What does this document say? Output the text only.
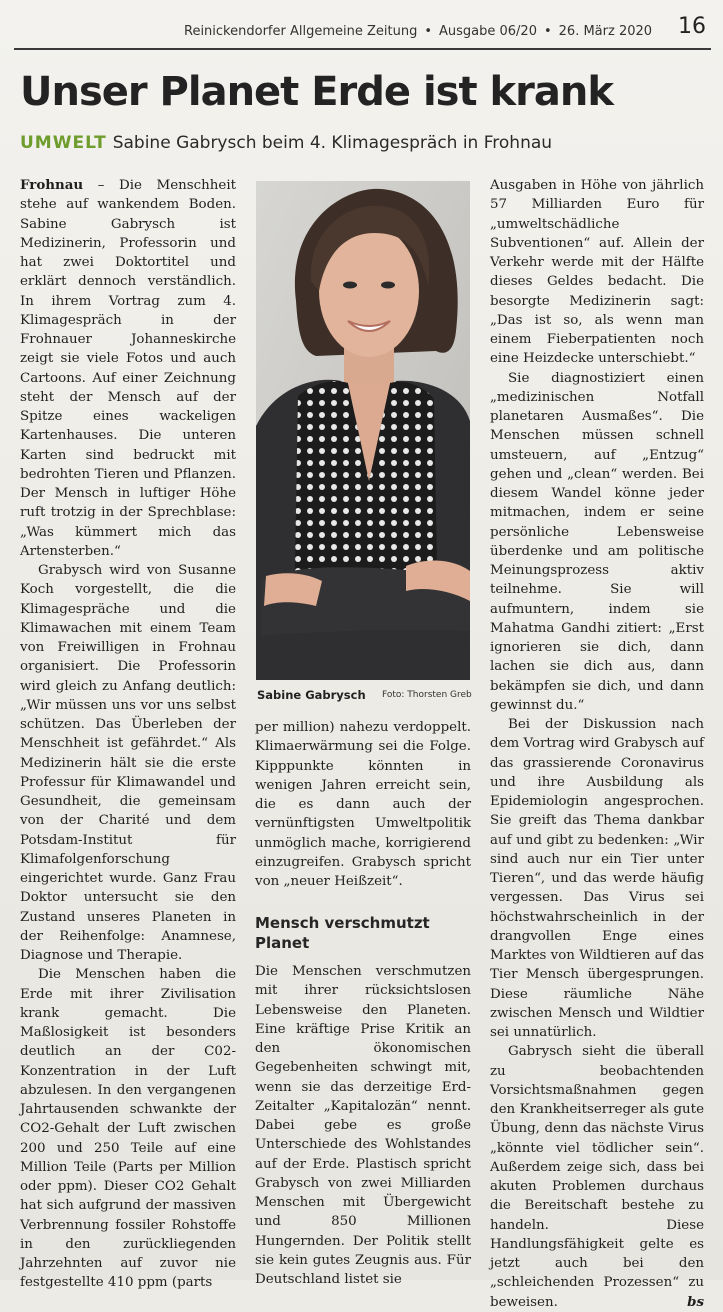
Reinickendorfer Allgemeine Zeitung • Ausgabe 06/20 • 26. März 2020 16
Unser Planet Erde ist krank
UMWELT Sabine Gabrysch beim 4. Klimagespräch in Frohnau

Frohnau – Die Menschheit stehe auf wankendem Boden. Sabine Gabrysch ist Medizinerin, Professorin und hat zwei Doktortitel und erklärt dennoch verständlich. In ihrem Vortrag zum 4. Klimagespräch in der Frohnauer Johanneskirche zeigt sie viele Fotos und auch Cartoons. Auf einer Zeichnung steht der Mensch auf der Spitze eines wackeligen Kartenhauses. Die unteren Karten sind bedruckt mit bedrohten Tieren und Pflanzen. Der Mensch in luftiger Höhe ruft trotzig in der Sprechblase: „Was kümmert mich das Artensterben.“

Grabysch wird von Susanne Koch vorgestellt, die die Klimagespräche und die Klimawachen mit einem Team von Freiwilligen in Frohnau organisiert. Die Professorin wird gleich zu Anfang deutlich: „Wir müssen uns vor uns selbst schützen. Das Überleben der Menschheit ist gefährdet.“ Als Medizinerin hält sie die erste Professur für Klimawandel und Gesundheit, die gemeinsam von der Charité und dem Potsdam-Institut für Klimafolgenforschung eingerichtet wurde. Ganz Frau Doktor untersucht sie den Zustand unseres Planeten in der Reihenfolge: Anamnese, Diagnose und Therapie.

Die Menschen haben die Erde mit ihrer Zivilisation krank gemacht. Die Maßlosigkeit ist besonders deutlich an der C02-Konzentration in der Luft abzulesen. In den vergangenen Jahrtausenden schwankte der CO2-Gehalt der Luft zwischen 200 und 250 Teile auf eine Million Teile (Parts per Million oder ppm). Dieser CO2 Gehalt hat sich aufgrund der massiven Verbrennung fossiler Rohstoffe in den zurückliegenden Jahrzehnten auf zuvor nie festgestellte 410 ppm (parts

Sabine Gabrysch Foto: Thorsten Greb

per million) nahezu verdoppelt. Klimaerwärmung sei die Folge. Kipppunkte könnten in wenigen Jahren erreicht sein, die es dann auch der vernünftigsten Umweltpolitik unmöglich mache, korrigierend einzugreifen. Grabysch spricht von „neuer Heißzeit“.

Mensch verschmutzt Planet

Die Menschen verschmutzen mit ihrer rücksichtslosen Lebensweise den Planeten. Eine kräftige Prise Kritik an den ökonomischen Gegebenheiten schwingt mit, wenn sie das derzeitige Erd-Zeitalter „Kapitalozän“ nennt. Dabei gebe es große Unterschiede des Wohlstandes auf der Erde. Plastisch spricht Grabysch von zwei Milliarden Menschen mit Übergewicht und 850 Millionen Hungernden. Der Politik stellt sie kein gutes Zeugnis aus. Für Deutschland listet sie

Ausgaben in Höhe von jährlich 57 Milliarden Euro für „umweltschädliche Subventionen“ auf. Allein der Verkehr werde mit der Hälfte dieses Geldes bedacht. Die besorgte Medizinerin sagt: „Das ist so, als wenn man einem Fieberpatienten noch eine Heizdecke unterschiebt.“

Sie diagnostiziert einen „medizinischen Notfall planetaren Ausmaßes“. Die Menschen müssen schnell umsteuern, auf „Entzug“ gehen und „clean“ werden. Bei diesem Wandel könne jeder mitmachen, indem er seine persönliche Lebensweise überdenke und am politische Meinungsprozess aktiv teilnehme. Sie will aufmuntern, indem sie Mahatma Gandhi zitiert: „Erst ignorieren sie dich, dann lachen sie dich aus, dann bekämpfen sie dich, und dann gewinnst du.“

Bei der Diskussion nach dem Vortrag wird Grabysch auf das grassierende Coronavirus und ihre Ausbildung als Epidemiologin angesprochen. Sie greift das Thema dankbar auf und gibt zu bedenken: „Wir sind auch nur ein Tier unter Tieren“, und das werde häufig vergessen. Das Virus sei höchstwahrscheinlich in der drangvollen Enge eines Marktes von Wildtieren auf das Tier Mensch übergesprungen. Diese räumliche Nähe zwischen Mensch und Wildtier sei unnatürlich.

Gabrysch sieht die überall zu beobachtenden Vorsichtsmaßnahmen gegen den Krankheitserreger als gute Übung, denn das nächste Virus „könnte viel tödlicher sein“. Außerdem zeige sich, dass bei akuten Problemen durchaus die Bereitschaft bestehe zu handeln. Diese Handlungsfähigkeit gelte es jetzt auch bei den „schleichenden Prozessen“ zu beweisen.	bs
